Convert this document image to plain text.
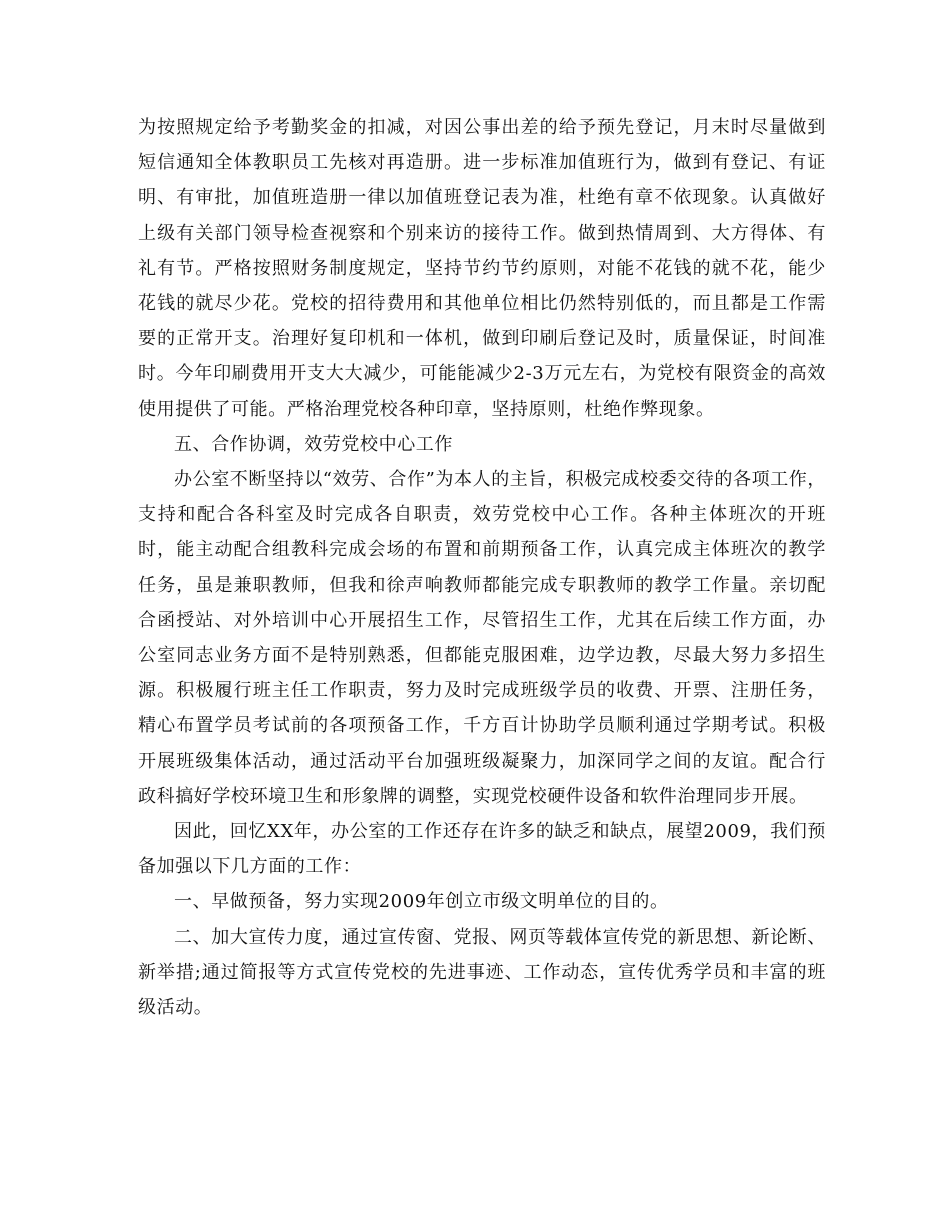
为按照规定给予考勤奖金的扣减，对因公事出差的给予预先登记，月末时尽量做到短信通知全体教职员工先核对再造册。进一步标准加值班行为，做到有登记、有证明、有审批，加值班造册一律以加值班登记表为准，杜绝有章不依现象。认真做好上级有关部门领导检查视察和个别来访的接待工作。做到热情周到、大方得体、有礼有节。严格按照财务制度规定，坚持节约节约原则，对能不花钱的就不花，能少花钱的就尽少花。党校的招待费用和其他单位相比仍然特别低的，而且都是工作需要的正常开支。治理好复印机和一体机，做到印刷后登记及时，质量保证，时间准时。今年印刷费用开支大大减少，可能能减少2-3万元左右，为党校有限资金的高效使用提供了可能。严格治理党校各种印章，坚持原则，杜绝作弊现象。

五、合作协调，效劳党校中心工作

办公室不断坚持以“效劳、合作”为本人的主旨，积极完成校委交待的各项工作，支持和配合各科室及时完成各自职责，效劳党校中心工作。各种主体班次的开班时，能主动配合组教科完成会场的布置和前期预备工作，认真完成主体班次的教学任务，虽是兼职教师，但我和徐声响教师都能完成专职教师的教学工作量。亲切配合函授站、对外培训中心开展招生工作，尽管招生工作，尤其在后续工作方面，办公室同志业务方面不是特别熟悉，但都能克服困难，边学边教，尽最大努力多招生源。积极履行班主任工作职责，努力及时完成班级学员的收费、开票、注册任务，精心布置学员考试前的各项预备工作，千方百计协助学员顺利通过学期考试。积极开展班级集体活动，通过活动平台加强班级凝聚力，加深同学之间的友谊。配合行政科搞好学校环境卫生和形象牌的调整，实现党校硬件设备和软件治理同步开展。

因此，回忆XX年，办公室的工作还存在许多的缺乏和缺点，展望2009，我们预备加强以下几方面的工作：

一、早做预备，努力实现2009年创立市级文明单位的目的。

二、加大宣传力度，通过宣传窗、党报、网页等载体宣传党的新思想、新论断、新举措;通过简报等方式宣传党校的先进事迹、工作动态，宣传优秀学员和丰富的班级活动。
